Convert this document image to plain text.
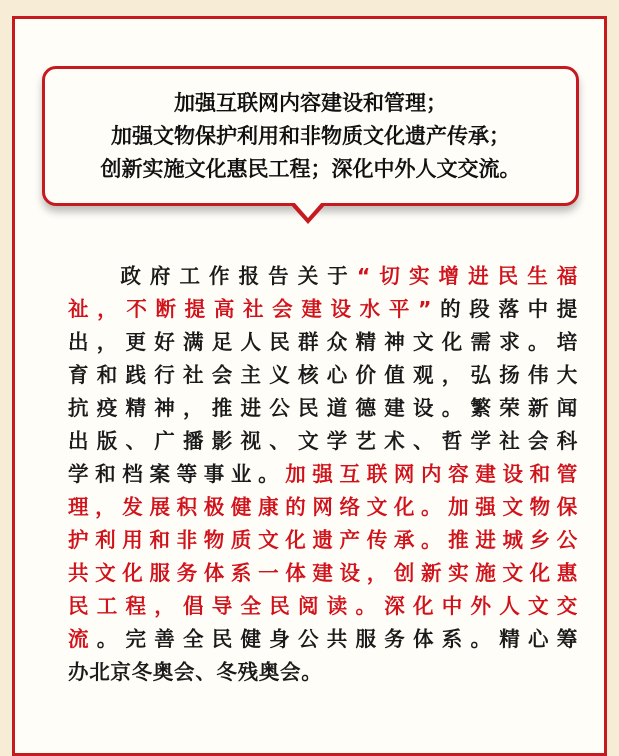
加强互联网内容建设和管理；
加强文物保护利用和非物质文化遗产传承；
创新实施文化惠民工程；深化中外人文交流。
政府工作报告关于“切实增进民生福
祉，不断提高社会建设水平”的段落中提
出，更好满足人民群众精神文化需求。培
育和践行社会主义核心价值观，弘扬伟大
抗疫精神，推进公民道德建设。繁荣新闻
出版、广播影视、文学艺术、哲学社会科
学和档案等事业。加强互联网内容建设和管
理，发展积极健康的网络文化。加强文物保
护利用和非物质文化遗产传承。推进城乡公
共文化服务体系一体建设，创新实施文化惠
民工程，倡导全民阅读。深化中外人文交
流。完善全民健身公共服务体系。精心筹
办北京冬奥会、冬残奥会。
